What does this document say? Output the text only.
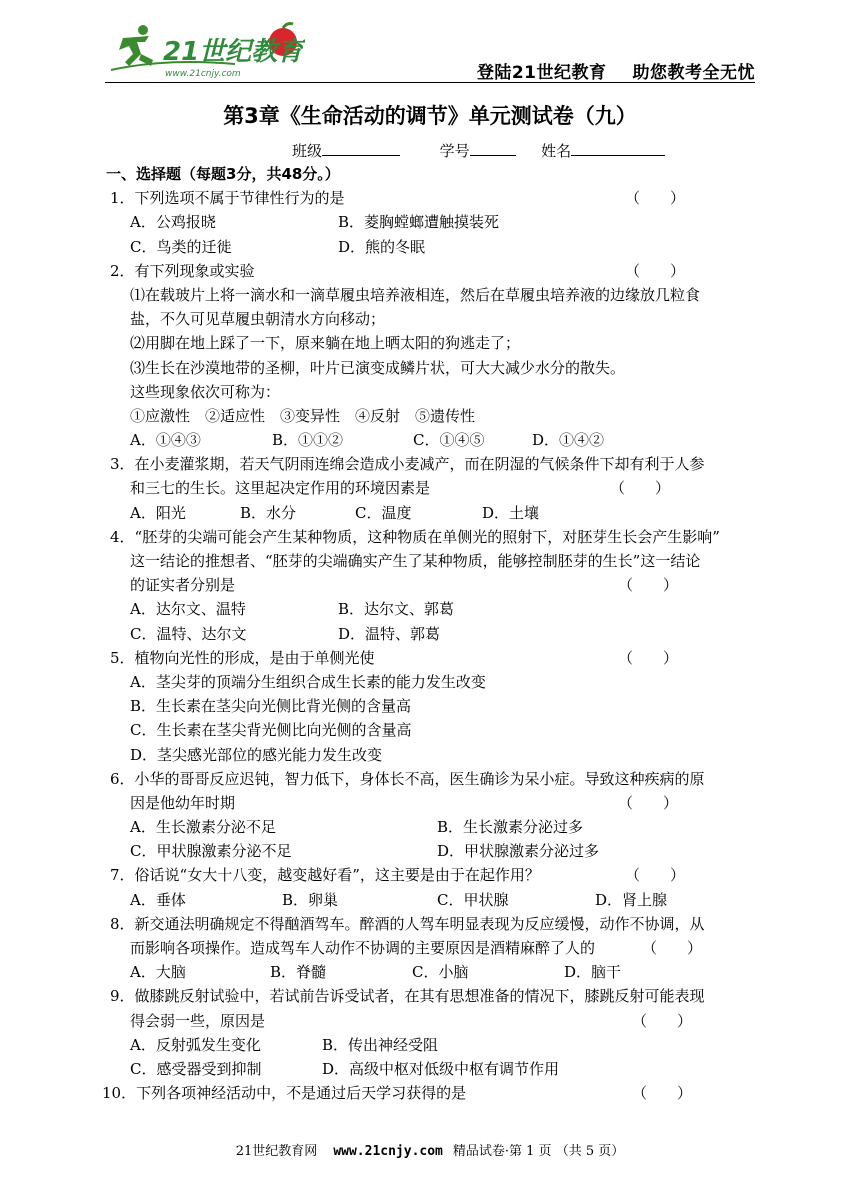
21世纪教育
www.21cnjy.com	登陆21世纪教育 助您教考全无忧
第3章《生命活动的调节》单元测试卷（九）
班级	学号	姓名
一、选择题（每题3分，共48分。）
1．下列选项不属于节律性行为的是	（　　）
A．公鸡报晓	B．菱胸螳螂遭触摸装死
C．鸟类的迁徙	D．熊的冬眠
2．有下列现象或实验	（　　）
⑴在载玻片上将一滴水和一滴草履虫培养液相连，然后在草履虫培养液的边缘放几粒食
盐，不久可见草履虫朝清水方向移动；
⑵用脚在地上踩了一下，原来躺在地上晒太阳的狗逃走了；
⑶生长在沙漠地带的圣柳，叶片已演变成鳞片状，可大大减少水分的散失。
这些现象依次可称为：
①应激性　②适应性　③变异性　④反射　⑤遗传性
A．①④③	B．①①②	C．①④⑤	D．①④②
3．在小麦灌浆期，若天气阴雨连绵会造成小麦减产，而在阴湿的气候条件下却有利于人参
和三七的生长。这里起决定作用的环境因素是	（　　）
A．阳光	B．水分	C．温度	D．土壤
4．“胚芽的尖端可能会产生某种物质，这种物质在单侧光的照射下，对胚芽生长会产生影响”
这一结论的推想者、“胚芽的尖端确实产生了某种物质，能够控制胚芽的生长”这一结论
的证实者分别是	（　　）
A．达尔文、温特	B．达尔文、郭葛
C．温特、达尔文	D．温特、郭葛
5．植物向光性的形成，是由于单侧光使	（　　）
A．茎尖芽的顶端分生组织合成生长素的能力发生改变
B．生长素在茎尖向光侧比背光侧的含量高
C．生长素在茎尖背光侧比向光侧的含量高
D．茎尖感光部位的感光能力发生改变
6．小华的哥哥反应迟钝，智力低下，身体长不高，医生确诊为呆小症。导致这种疾病的原
因是他幼年时期	（　　）
A．生长激素分泌不足	B．生长激素分泌过多
C．甲状腺激素分泌不足	D．甲状腺激素分泌过多
7．俗话说“女大十八变，越变越好看”，这主要是由于在起作用？	（　　）
A．垂体	B．卵巢	C．甲状腺	D．肾上腺
8．新交通法明确规定不得酗酒驾车。醉酒的人驾车明显表现为反应缓慢，动作不协调，从
而影响各项操作。造成驾车人动作不协调的主要原因是酒精麻醉了人的	（　　）
A．大脑	B．脊髓	C．小脑	D．脑干
9．做膝跳反射试验中，若试前告诉受试者，在其有思想准备的情况下，膝跳反射可能表现
得会弱一些，原因是	（　　）
A．反射弧发生变化	B．传出神经受阻
C．感受器受到抑制	D．高级中枢对低级中枢有调节作用
10．下列各项神经活动中，不是通过后天学习获得的是	（　　）
21世纪教育网 www.21cnjy.com 精品试卷·第 1 页 （共 5 页）
